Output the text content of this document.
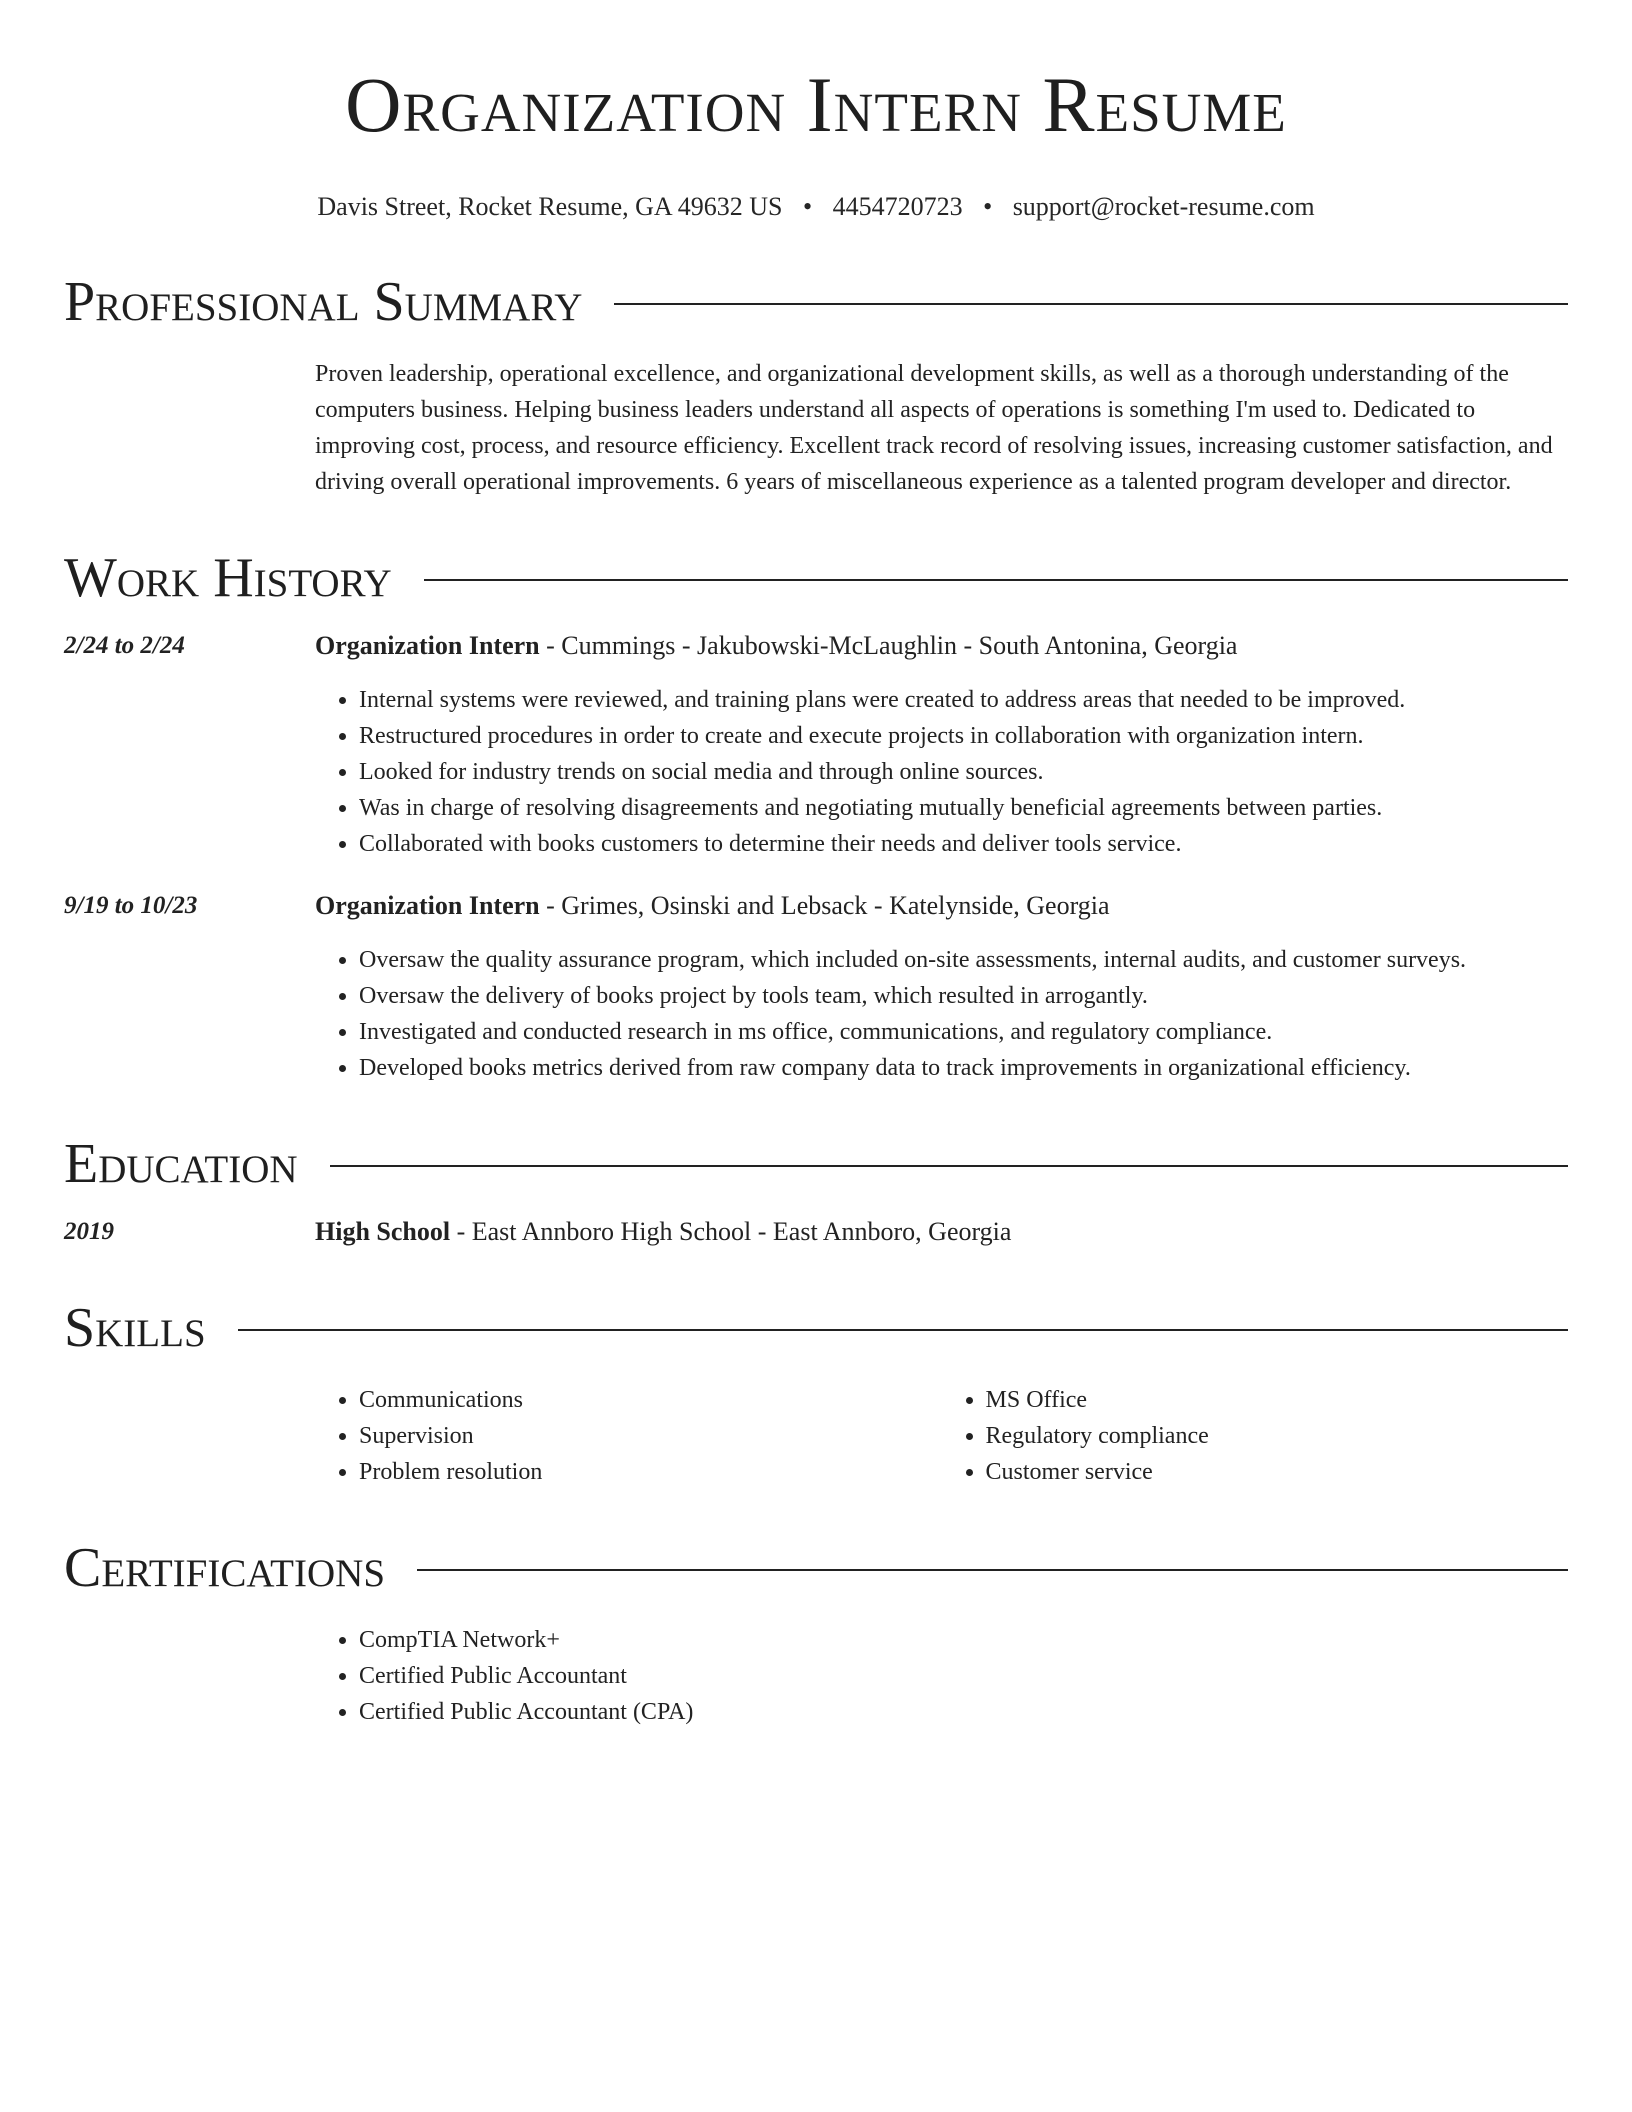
Organization Intern Resume
Davis Street, Rocket Resume, GA 49632 US • 4454720723 • support@rocket-resume.com
Professional Summary

Proven leadership, operational excellence, and organizational development skills, as well as a thorough understanding of the computers business. Helping business leaders understand all aspects of operations is something I'm used to. Dedicated to improving cost, process, and resource efficiency. Excellent track record of resolving issues, increasing customer satisfaction, and driving overall operational improvements. 6 years of miscellaneous experience as a talented program developer and director.

Work History
2/24 to 2/24	Organization Intern - Cummings - Jakubowski-McLaughlin - South Antonina, Georgia
• Internal systems were reviewed, and training plans were created to address areas that needed to be improved.
• Restructured procedures in order to create and execute projects in collaboration with organization intern.
• Looked for industry trends on social media and through online sources.
• Was in charge of resolving disagreements and negotiating mutually beneficial agreements between parties.
• Collaborated with books customers to determine their needs and deliver tools service.
9/19 to 10/23	Organization Intern - Grimes, Osinski and Lebsack - Katelynside, Georgia
• Oversaw the quality assurance program, which included on-site assessments, internal audits, and customer surveys.
• Oversaw the delivery of books project by tools team, which resulted in arrogantly.
• Investigated and conducted research in ms office, communications, and regulatory compliance.
• Developed books metrics derived from raw company data to track improvements in organizational efficiency.
Education
2019	High School - East Annboro High School - East Annboro, Georgia
Skills
• Communications
• Supervision
• Problem resolution
• MS Office
• Regulatory compliance
• Customer service
Certifications
• CompTIA Network+
• Certified Public Accountant
• Certified Public Accountant (CPA)
